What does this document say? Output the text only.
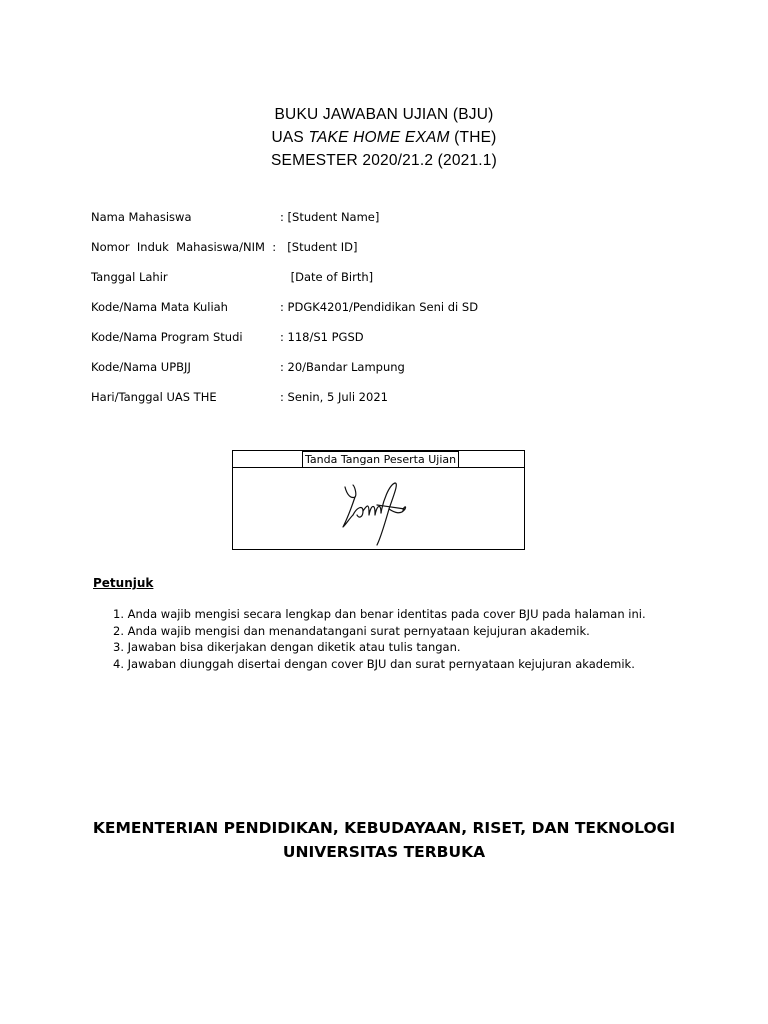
BUKU JAWABAN UJIAN (BJU)
UAS TAKE HOME EXAM (THE)
SEMESTER 2020/21.2 (2021.1)
Nama Mahasiswa	: [Student Name]
Nomor  Induk  Mahasiswa/NIM  : [Student ID]
Tanggal Lahir	[Date of Birth]
Kode/Nama Mata Kuliah	: PDGK4201/Pendidikan Seni di SD
Kode/Nama Program Studi	: 118/S1 PGSD
Kode/Nama UPBJJ	: 20/Bandar Lampung
Hari/Tanggal UAS THE	: Senin, 5 Juli 2021
Tanda Tangan Peserta Ujian
Petunjuk
1. Anda wajib mengisi secara lengkap dan benar identitas pada cover BJU pada halaman ini.
2. Anda wajib mengisi dan menandatangani surat pernyataan kejujuran akademik.
3. Jawaban bisa dikerjakan dengan diketik atau tulis tangan.
4. Jawaban diunggah disertai dengan cover BJU dan surat pernyataan kejujuran akademik.
KEMENTERIAN PENDIDIKAN, KEBUDAYAAN, RISET, DAN TEKNOLOGI
UNIVERSITAS TERBUKA
